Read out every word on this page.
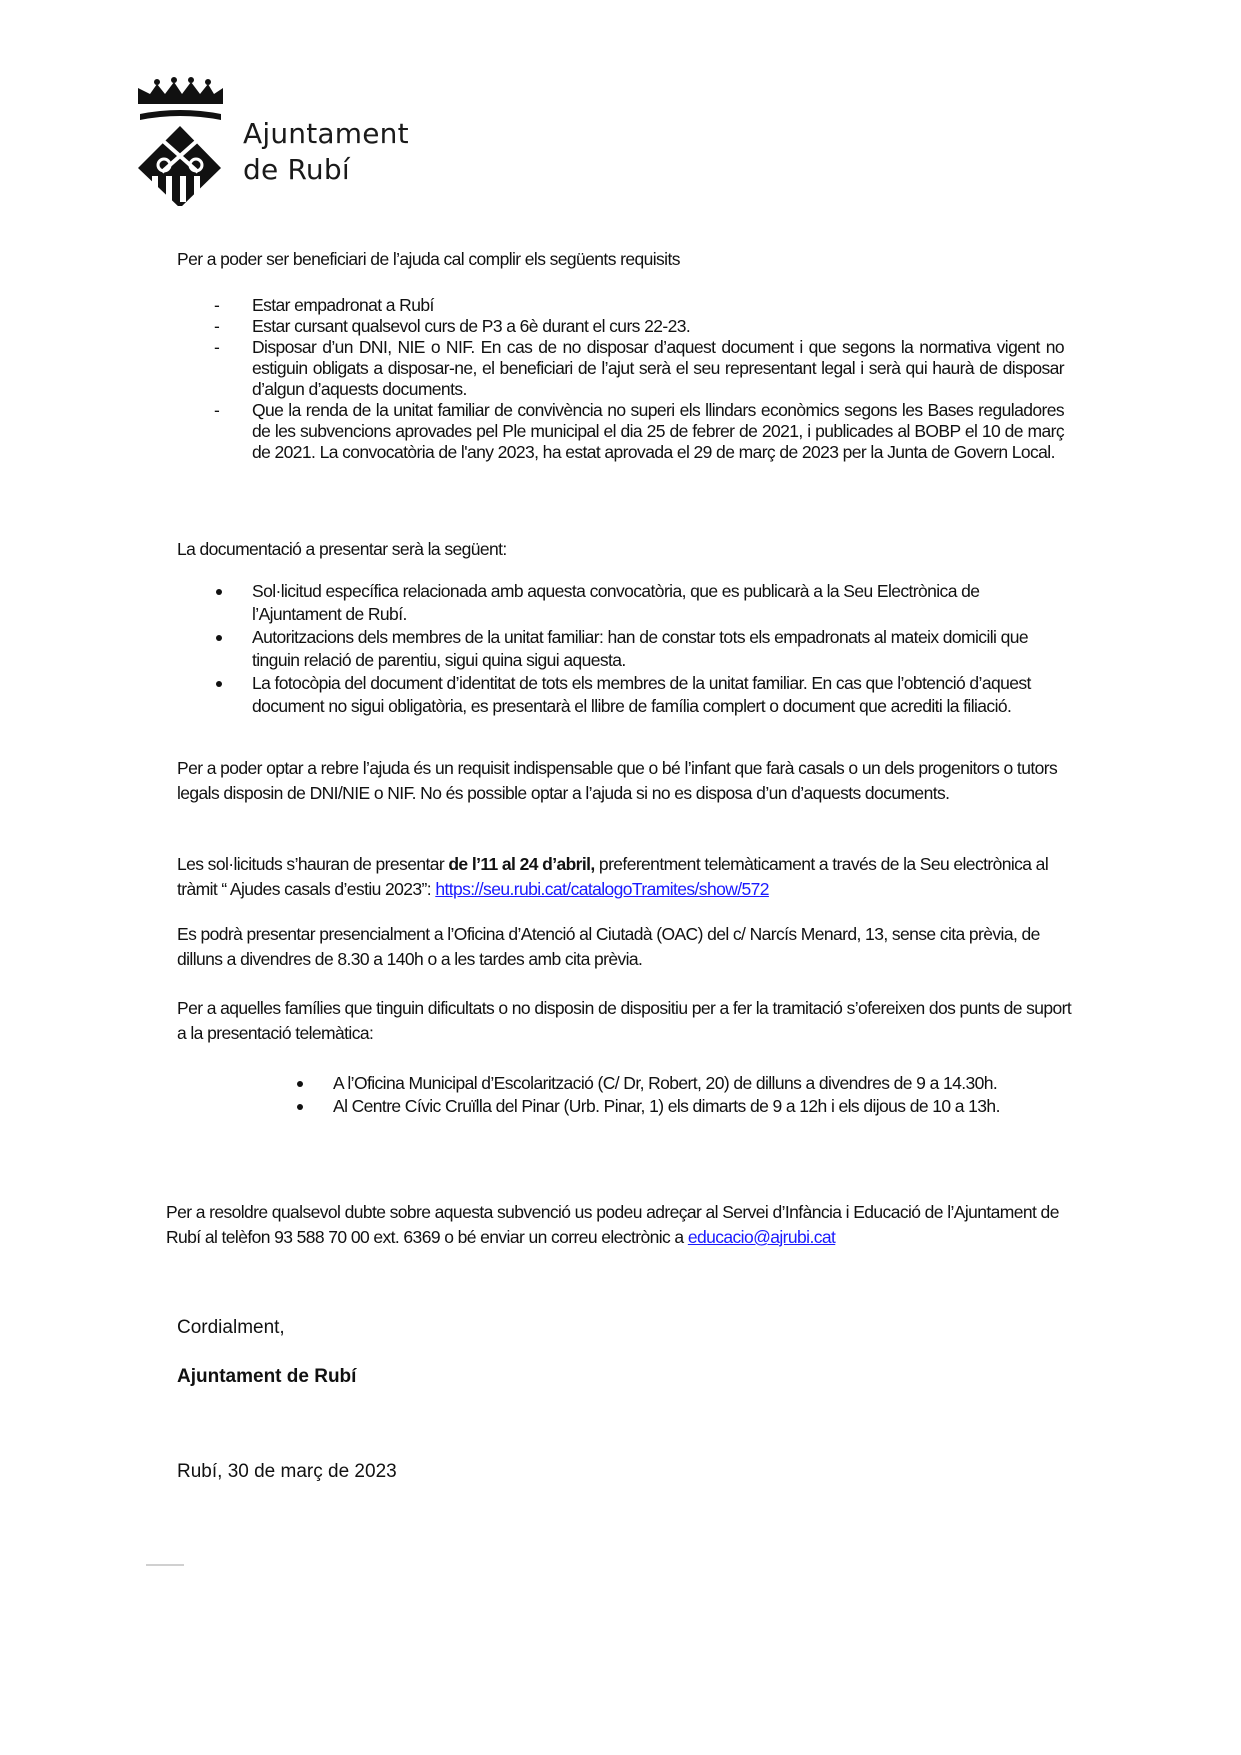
Ajuntament
de Rubí
Per a poder ser beneficiari de l’ajuda cal complir els següents requisits
- Estar empadronat a Rubí
- Estar cursant qualsevol curs de P3 a 6è durant el curs 22-23.
- Disposar d’un DNI, NIE o NIF. En cas de no disposar d’aquest document i que segons la normativa vigent no estiguin obligats a disposar-ne, el beneficiari de l’ajut serà el seu representant legal i serà qui haurà de disposar d’algun d’aquests documents.
- Que la renda de la unitat familiar de convivència no superi els llindars econòmics segons les Bases reguladores de les subvencions aprovades pel Ple municipal el dia 25 de febrer de 2021, i publicades al BOBP el 10 de març de 2021. La convocatòria de l'any 2023, ha estat aprovada el 29 de març de 2023 per la Junta de Govern Local.
La documentació a presentar serà la següent:
Sol·licitud específica relacionada amb aquesta convocatòria, que es publicarà a la Seu Electrònica de l’Ajuntament de Rubí.
Autoritzacions dels membres de la unitat familiar: han de constar tots els empadronats al mateix domicili que tinguin relació de parentiu, sigui quina sigui aquesta.
La fotocòpia del document d’identitat de tots els membres de la unitat familiar. En cas que l’obtenció d’aquest document no sigui obligatòria, es presentarà el llibre de família complert o document que acrediti la filiació.
Per a poder optar a rebre l’ajuda és un requisit indispensable que o bé l’infant que farà casals o un dels progenitors o tutors legals disposin de DNI/NIE o NIF. No és possible optar a l’ajuda si no es disposa d’un d’aquests documents.
Les sol·licituds s’hauran de presentar de l’11 al 24 d’abril, preferentment telemàticament a través de la Seu electrònica al tràmit “ Ajudes casals d’estiu 2023”: https://seu.rubi.cat/catalogoTramites/show/572
Es podrà presentar presencialment a l’Oficina d’Atenció al Ciutadà (OAC) del c/ Narcís Menard, 13, sense cita prèvia, de dilluns a divendres de 8.30 a 140h o a les tardes amb cita prèvia.
Per a aquelles famílies que tinguin dificultats o no disposin de dispositiu per a fer la tramitació s’ofereixen dos punts de suport a la presentació telemàtica:
A l’Oficina Municipal d’Escolarització (C/ Dr, Robert, 20) de dilluns a divendres de 9 a 14.30h.
Al Centre Cívic Cruïlla del Pinar (Urb. Pinar, 1) els dimarts de 9 a 12h i els dijous de 10 a 13h.
Per a resoldre qualsevol dubte sobre aquesta subvenció us podeu adreçar al Servei d’Infància i Educació de l’Ajuntament de Rubí al telèfon 93 588 70 00 ext. 6369 o bé enviar un correu electrònic a educacio@ajrubi.cat
Cordialment,
Ajuntament de Rubí
Rubí, 30 de març de 2023
